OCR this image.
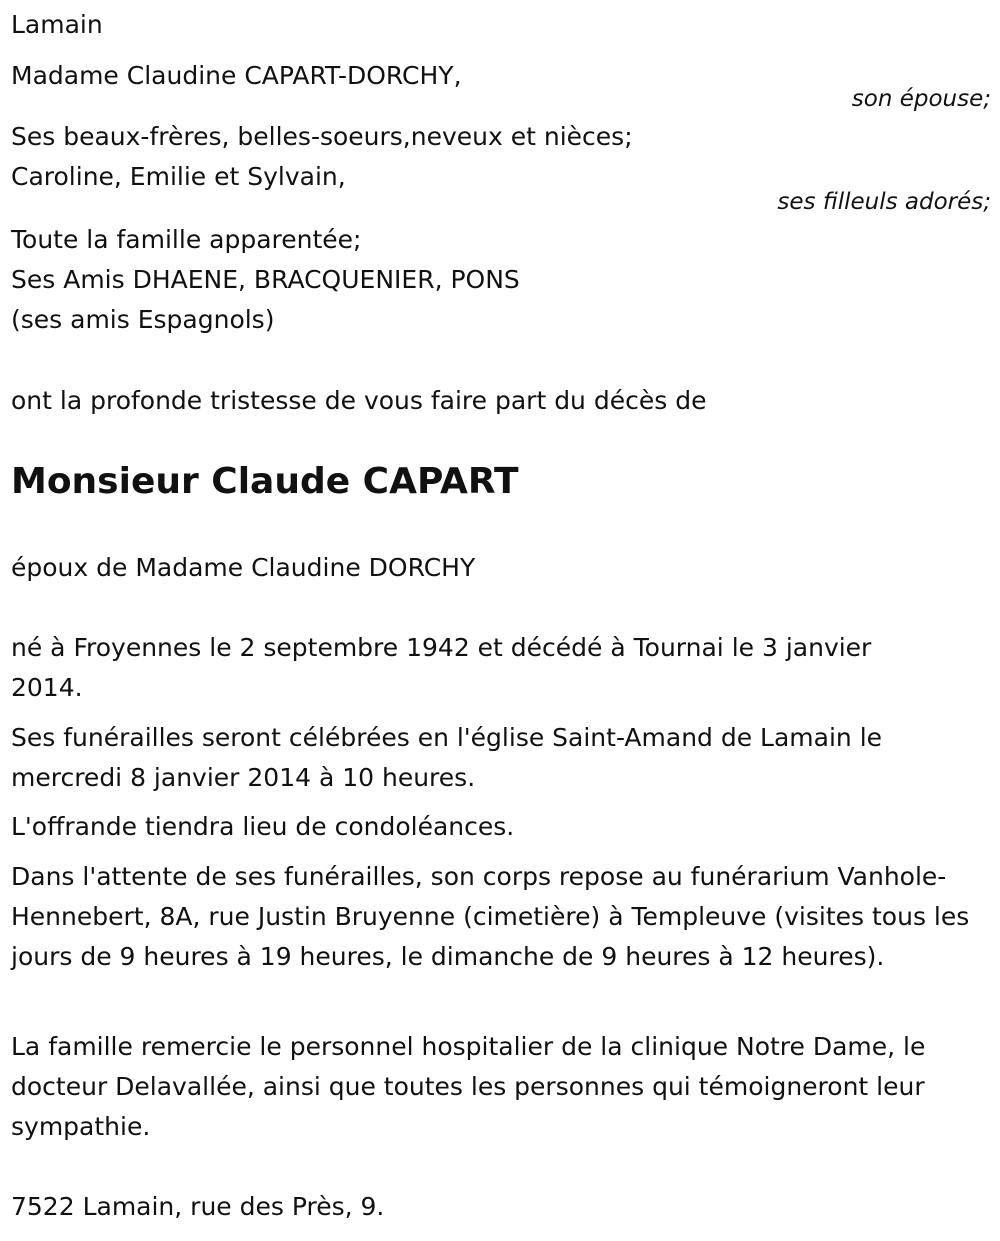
Lamain
Madame Claudine CAPART-DORCHY,
son épouse;
Ses beaux-frères, belles-soeurs,neveux et nièces;
Caroline, Emilie et Sylvain,
ses filleuls adorés;
Toute la famille apparentée;
Ses Amis DHAENE, BRACQUENIER, PONS
(ses amis Espagnols)
ont la profonde tristesse de vous faire part du décès de
Monsieur Claude CAPART
époux de Madame Claudine DORCHY
né à Froyennes le 2 septembre 1942 et décédé à Tournai le 3 janvier 2014.
Ses funérailles seront célébrées en l'église Saint-Amand de Lamain le mercredi 8 janvier 2014 à 10 heures.
L'offrande tiendra lieu de condoléances.
Dans l'attente de ses funérailles, son corps repose au funérarium Vanhole-Hennebert, 8A, rue Justin Bruyenne (cimetière) à Templeuve (visites tous les jours de 9 heures à 19 heures, le dimanche de 9 heures à 12 heures).
La famille remercie le personnel hospitalier de la clinique Notre Dame, le docteur Delavallée, ainsi que toutes les personnes qui témoigneront leur sympathie.
7522 Lamain, rue des Près, 9.
